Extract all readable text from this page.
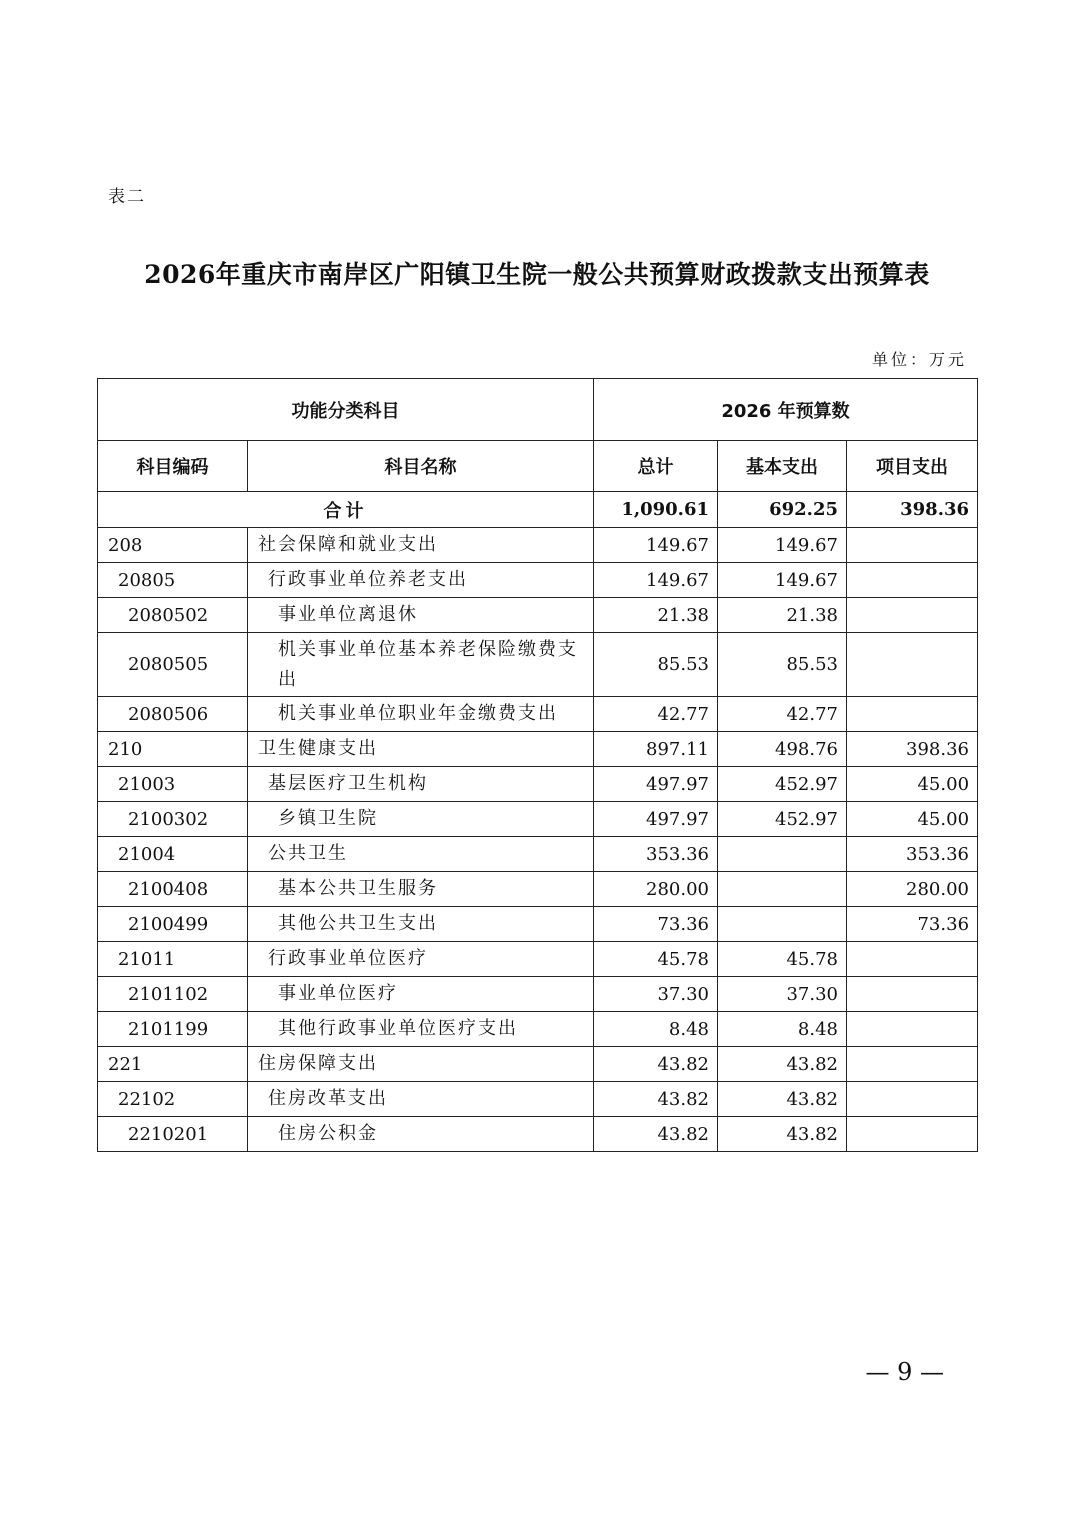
表二
2026年重庆市南岸区广阳镇卫生院一般公共预算财政拨款支出预算表
单位：万元
功能分类科目		2026 年预算数		
科目编码	科目名称	总计	基本支出	项目支出
合计		1,090.61	692.25	398.36
208	社会保障和就业支出	149.67	149.67	
20805	行政事业单位养老支出	149.67	149.67	
2080502	事业单位离退休	21.38	21.38	
2080505	机关事业单位基本养老保险缴费支出	85.53	85.53	
2080506	机关事业单位职业年金缴费支出	42.77	42.77	
210	卫生健康支出	897.11	498.76	398.36
21003	基层医疗卫生机构	497.97	452.97	45.00
2100302	乡镇卫生院	497.97	452.97	45.00
21004	公共卫生	353.36		353.36
2100408	基本公共卫生服务	280.00		280.00
2100499	其他公共卫生支出	73.36		73.36
21011	行政事业单位医疗	45.78	45.78	
2101102	事业单位医疗	37.30	37.30	
2101199	其他行政事业单位医疗支出	8.48	8.48	
221	住房保障支出	43.82	43.82	
22102	住房改革支出	43.82	43.82	
2210201	住房公积金	43.82	43.82	
— 9 —
